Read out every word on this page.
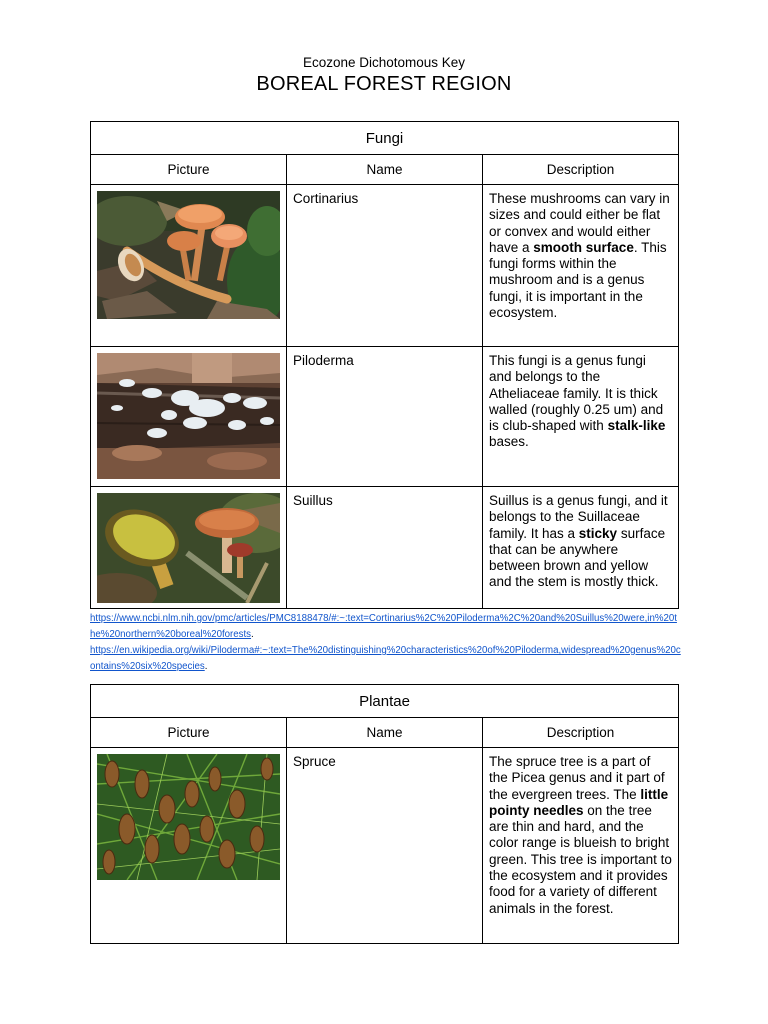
Ecozone Dichotomous Key
BOREAL FOREST REGION
Fungi		
Picture	Name	Description

	Cortinarius	These mushrooms can vary in sizes and could either be flat or convex and would either have a smooth surface. This fungi forms within the mushroom and is a genus fungi, it is important in the ecosystem.

	Piloderma	This fungi is a genus fungi and belongs to the Atheliaceae family. It is thick walled (roughly 0.25 um) and is club-shaped with stalk-like bases.

	Suillus	Suillus is a genus fungi, and it belongs to the Suillaceae family. It has a sticky surface that can be anywhere between brown and yellow and the stem is mostly thick.
https://www.ncbi.nlm.nih.gov/pmc/articles/PMC8188478/#:~:text=Cortinarius%2C%20Piloderma%2C%20and%20Suillus%20were,in%20the%20northern%20boreal%20forests.
https://en.wikipedia.org/wiki/Piloderma#:~:text=The%20distinguishing%20characteristics%20of%20Piloderma,widespread%20genus%20contains%20six%20species.
Plantae		
Picture	Name	Description

	Spruce	The spruce tree is a part of the Picea genus and it part of the evergreen trees. The little pointy needles on the tree are thin and hard, and the color range is blueish to bright green. This tree is important to the ecosystem and it provides food for a variety of different animals in the forest.
